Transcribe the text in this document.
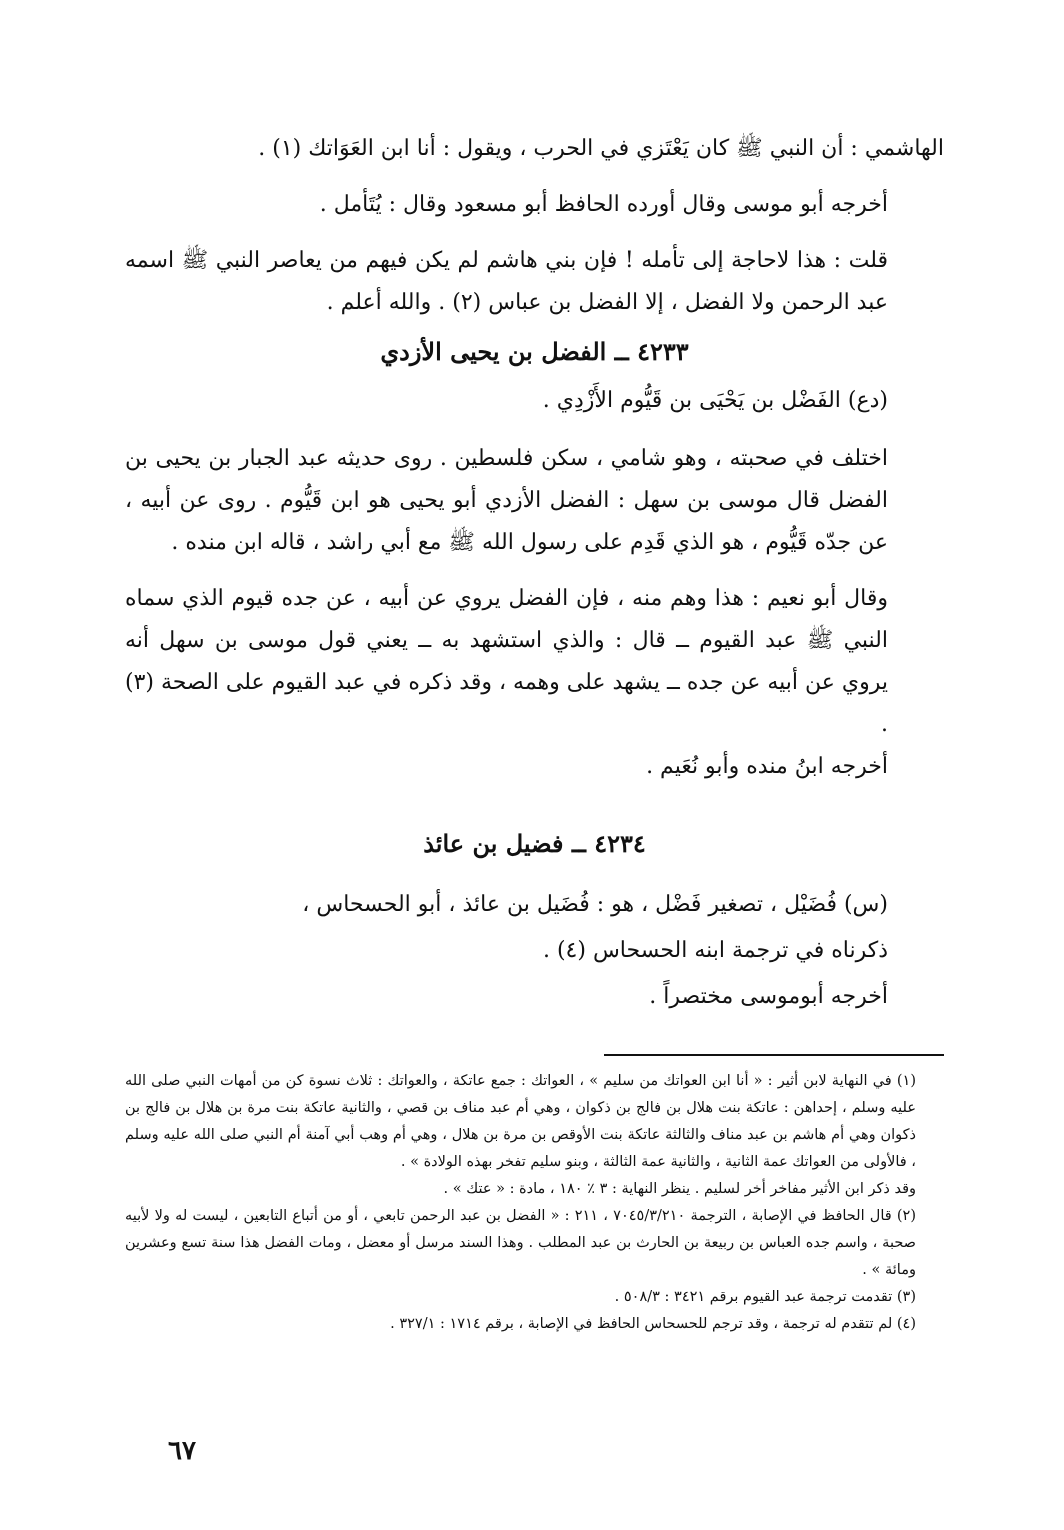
الهاشمي : أن النبي ﷺ كان يَعْتَزي في الحرب ، ويقول : أنا ابن العَوَاتك (١) .

أخرجه أبو موسى وقال أورده الحافظ أبو مسعود وقال : يُتَأمل .

قلت : هذا لاحاجة إلى تأمله ! فإن بني هاشم لم يكن فيهم من يعاصر النبي ﷺ اسمه عبد الرحمن ولا الفضل ، إلا الفضل بن عباس (٢) . والله أعلم .

٤٢٣٣ ــ الفضل بن يحيى الأزدي

(دع) الفَضْل بن يَحْيَى بن قَيُّوم الأَزْدِي .

اختلف في صحبته ، وهو شامي ، سكن فلسطين . روى حديثه عبد الجبار بن يحيى بن الفضل قال موسى بن سهل : الفضل الأزدي أبو يحيى هو ابن قَيُّوم . روى عن أبيه ، عن جدّه قَيُّوم ، هو الذي قَدِم على رسول الله ﷺ مع أبي راشد ، قاله ابن منده .

وقال أبو نعيم : هذا وهم منه ، فإن الفضل يروي عن أبيه ، عن جده قيوم الذي سماه النبي ﷺ عبد القيوم ــ قال : والذي استشهد به ــ يعني قول موسى بن سهل أنه يروي عن أبيه عن جده ــ يشهد على وهمه ، وقد ذكره في عبد القيوم على الصحة (٣) .

أخرجه ابنُ منده وأبو نُعَيم .

٤٢٣٤ ــ فضيل بن عائذ

(س) فُضَيْل ، تصغير فَضْل ، هو : فُضَيل بن عائذ ، أبو الحسحاس ،

ذكرناه في ترجمة ابنه الحسحاس (٤) .

أخرجه أبوموسى مختصراً .

(١) في النهاية لابن أثير : « أنا ابن العواتك من سليم » ، العواتك : جمع عاتكة ، والعواتك : ثلاث نسوة كن من أمهات النبي صلى الله عليه وسلم ، إحداهن : عاتكة بنت هلال بن فالج بن ذكوان ، وهي أم عبد مناف بن قصي ، والثانية عاتكة بنت مرة بن هلال بن فالج بن ذكوان وهي أم هاشم بن عبد مناف والثالثة عاتكة بنت الأوقص بن مرة بن هلال ، وهي أم وهب أبي آمنة أم النبي صلى الله عليه وسلم ، فالأولى من العواتك عمة الثانية ، والثانية عمة الثالثة ، وبنو سليم تفخر بهذه الولادة » .

وقد ذكر ابن الأثير مفاخر أخر لسليم . ينظر النهاية : ٣ ٪ ١٨٠ ، مادة : « عتك » .

(٢) قال الحافظ في الإصابة ، الترجمة ٧٠٤٥/٣/٢١٠ ، ٢١١ : « الفضل بن عبد الرحمن تابعي ، أو من أتباع التابعين ، ليست له ولا لأبيه صحبة ، واسم جده العباس بن ربيعة بن الحارث بن عبد المطلب . وهذا السند مرسل أو معضل ، ومات الفضل هذا سنة تسع وعشرين ومائة » .

(٣) تقدمت ترجمة عبد القيوم برقم ٣٤٢١ : ٥٠٨/٣ .

(٤) لم تتقدم له ترجمة ، وقد ترجم للحسحاس الحافظ في الإصابة ، برقم ١٧١٤ : ٣٢٧/١ .

٦٧
